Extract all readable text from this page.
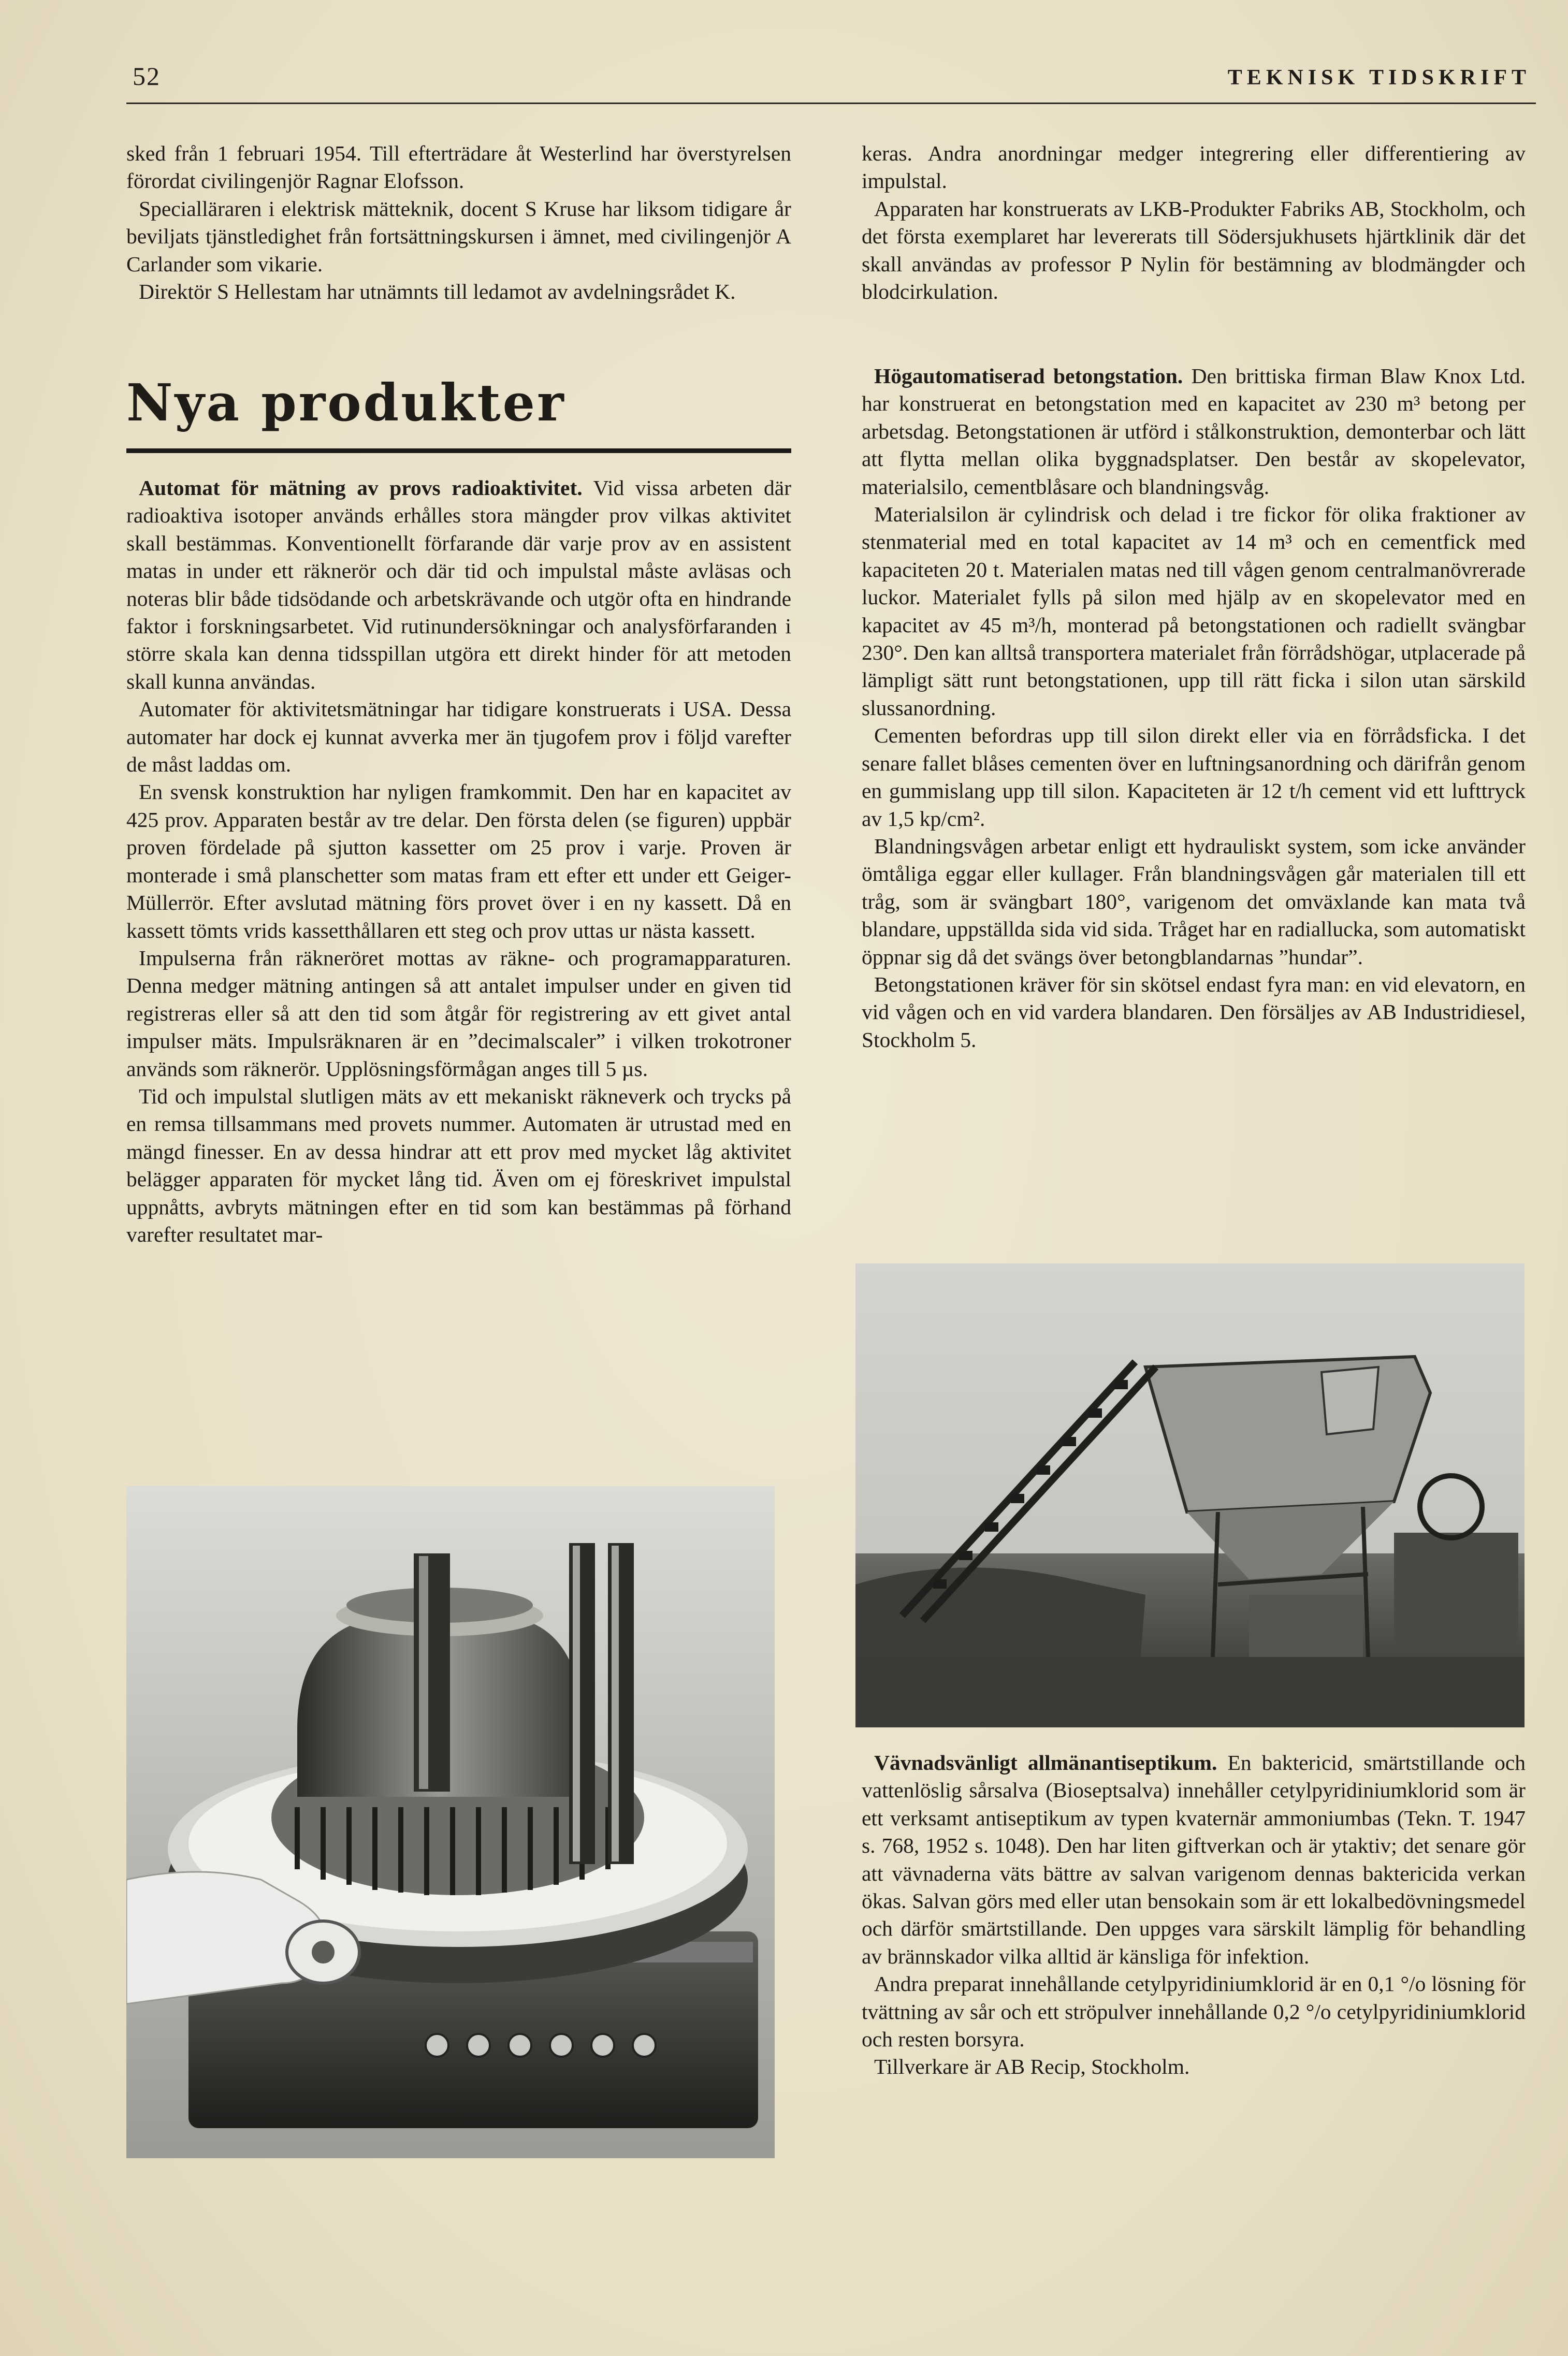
52	TEKNISK TIDSKRIFT

sked från 1 februari 1954. Till efterträdare åt Westerlind har överstyrelsen förordat civilingenjör Ragnar Elofsson.

Specialläraren i elektrisk mätteknik, docent S Kruse har liksom tidigare år beviljats tjänstledighet från fortsättningskursen i ämnet, med civilingenjör A Carlander som vikarie.

Direktör S Hellestam har utnämnts till ledamot av avdelningsrådet K.

Nya produkter

Automat för mätning av provs radioaktivitet. Vid vissa arbeten där radioaktiva isotoper används erhålles stora mängder prov vilkas aktivitet skall bestämmas. Konventionellt förfarande där varje prov av en assistent matas in under ett räknerör och där tid och impulstal måste avläsas och noteras blir både tidsödande och arbetskrävande och utgör ofta en hindrande faktor i forskningsarbetet. Vid rutinundersökningar och analysförfaranden i större skala kan denna tidsspillan utgöra ett direkt hinder för att metoden skall kunna användas.

Automater för aktivitetsmätningar har tidigare konstruerats i USA. Dessa automater har dock ej kunnat avverka mer än tjugofem prov i följd varefter de måst laddas om.

En svensk konstruktion har nyligen framkommit. Den har en kapacitet av 425 prov. Apparaten består av tre delar. Den första delen (se figuren) uppbär proven fördelade på sjutton kassetter om 25 prov i varje. Proven är monterade i små planschetter som matas fram ett efter ett under ett Geiger-Müllerrör. Efter avslutad mätning förs provet över i en ny kassett. Då en kassett tömts vrids kassetthållaren ett steg och prov uttas ur nästa kassett.

Impulserna från räkneröret mottas av räkne- och programapparaturen. Denna medger mätning antingen så att antalet impulser under en given tid registreras eller så att den tid som åtgår för registrering av ett givet antal impulser mäts. Impulsräknaren är en ”decimalscaler” i vilken trokotroner används som räknerör. Upplösningsförmågan anges till 5 µs.

Tid och impulstal slutligen mäts av ett mekaniskt räkneverk och trycks på en remsa tillsammans med provets nummer. Automaten är utrustad med en mängd finesser. En av dessa hindrar att ett prov med mycket låg aktivitet belägger apparaten för mycket lång tid. Även om ej föreskrivet impulstal uppnåtts, avbryts mätningen efter en tid som kan bestämmas på förhand varefter resultatet mar-

keras. Andra anordningar medger integrering eller differentiering av impulstal.

Apparaten har konstruerats av LKB-Produkter Fabriks AB, Stockholm, och det första exemplaret har levererats till Södersjukhusets hjärtklinik där det skall användas av professor P Nylin för bestämning av blodmängder och blodcirkulation.

Högautomatiserad betongstation. Den brittiska firman Blaw Knox Ltd. har konstruerat en betongstation med en kapacitet av 230 m³ betong per arbetsdag. Betongstationen är utförd i stålkonstruktion, demonterbar och lätt att flytta mellan olika byggnadsplatser. Den består av skopelevator, materialsilo, cementblåsare och blandningsvåg.

Materialsilon är cylindrisk och delad i tre fickor för olika fraktioner av stenmaterial med en total kapacitet av 14 m³ och en cementfick med kapaciteten 20 t. Materialen matas ned till vågen genom centralmanövrerade luckor. Materialet fylls på silon med hjälp av en skopelevator med en kapacitet av 45 m³/h, monterad på betongstationen och radiellt svängbar 230°. Den kan alltså transportera materialet från förrådshögar, utplacerade på lämpligt sätt runt betongstationen, upp till rätt ficka i silon utan särskild slussanordning.

Cementen befordras upp till silon direkt eller via en förrådsficka. I det senare fallet blåses cementen över en luftningsanordning och därifrån genom en gummislang upp till silon. Kapaciteten är 12 t/h cement vid ett lufttryck av 1,5 kp/cm².

Blandningsvågen arbetar enligt ett hydrauliskt system, som icke använder ömtåliga eggar eller kullager. Från blandningsvågen går materialen till ett tråg, som är svängbart 180°, varigenom det omväxlande kan mata två blandare, uppställda sida vid sida. Tråget har en radiallucka, som automatiskt öppnar sig då det svängs över betongblandarnas ”hundar”.

Betongstationen kräver för sin skötsel endast fyra man: en vid elevatorn, en vid vågen och en vid vardera blandaren. Den försäljes av AB Industridiesel, Stockholm 5.

Vävnadsvänligt allmänantiseptikum. En baktericid, smärtstillande och vattenlöslig sårsalva (Bioseptsalva) innehåller cetylpyridiniumklorid som är ett verksamt antiseptikum av typen kvaternär ammoniumbas (Tekn. T. 1947 s. 768, 1952 s. 1048). Den har liten giftverkan och är ytaktiv; det senare gör att vävnaderna väts bättre av salvan varigenom dennas baktericida verkan ökas. Salvan görs med eller utan bensokain som är ett lokalbedövningsmedel och därför smärtstillande. Den uppges vara särskilt lämplig för behandling av brännskador vilka alltid är känsliga för infektion.

Andra preparat innehållande cetylpyridiniumklorid är en 0,1 °/o lösning för tvättning av sår och ett ströpulver innehållande 0,2 °/o cetylpyridiniumklorid och resten borsyra.

Tillverkare är AB Recip, Stockholm.
